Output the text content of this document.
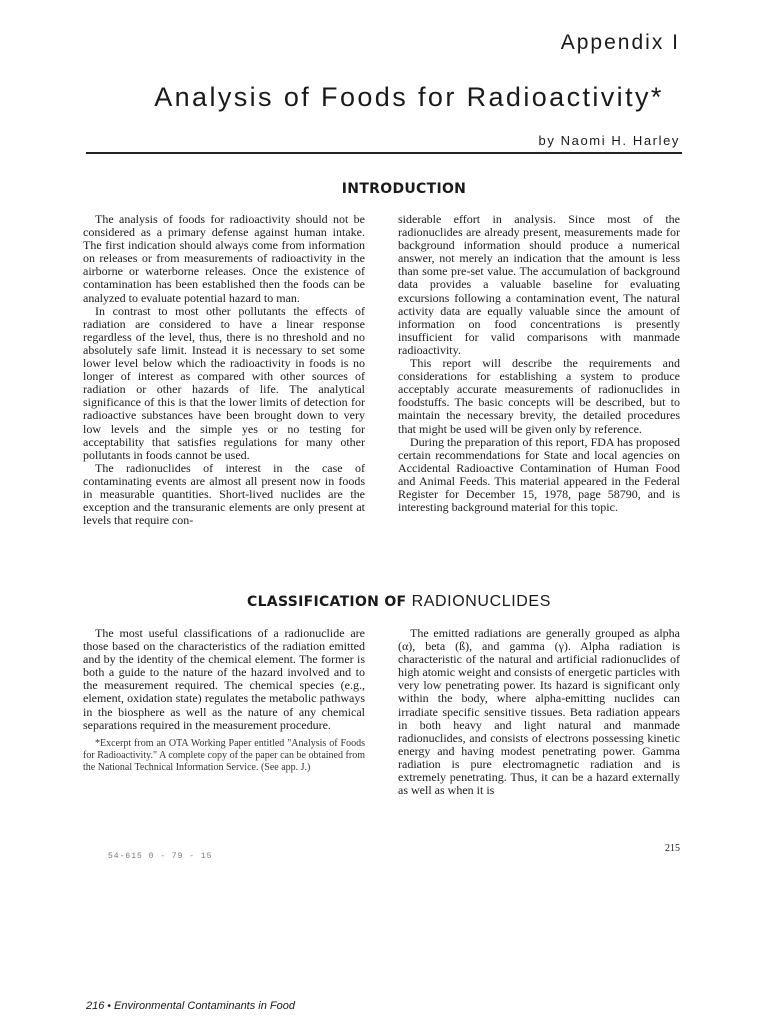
Appendix I
Analysis of Foods for Radioactivity*
by Naomi H. Harley
INTRODUCTION

The analysis of foods for radioactivity should not be considered as a primary defense against human intake. The first indication should always come from information on releases or from measurements of radioactivity in the airborne or waterborne releases. Once the existence of contamination has been established then the foods can be analyzed to evaluate potential hazard to man.

In contrast to most other pollutants the effects of radiation are considered to have a linear response regardless of the level, thus, there is no threshold and no absolutely safe limit. Instead it is necessary to set some lower level below which the radioactivity in foods is no longer of interest as compared with other sources of radiation or other hazards of life. The analytical significance of this is that the lower limits of detection for radioactive substances have been brought down to very low levels and the simple yes or no testing for acceptability that satisfies regulations for many other pollutants in foods cannot be used.

The radionuclides of interest in the case of contaminating events are almost all present now in foods in measurable quantities. Short-lived nuclides are the exception and the transuranic elements are only present at levels that require con-

siderable effort in analysis. Since most of the radionuclides are already present, measurements made for background information should produce a numerical answer, not merely an indication that the amount is less than some pre-set value. The accumulation of background data provides a valuable baseline for evaluating excursions following a contamination event, The natural activity data are equally valuable since the amount of information on food concentrations is presently insufficient for valid comparisons with manmade radioactivity.

This report will describe the requirements and considerations for establishing a system to produce acceptably accurate measurements of radionuclides in foodstuffs. The basic concepts will be described, but to maintain the necessary brevity, the detailed procedures that might be used will be given only by reference.

During the preparation of this report, FDA has proposed certain recommendations for State and local agencies on Accidental Radioactive Contamination of Human Food and Animal Feeds. This material appeared in the Federal Register for December 15, 1978, page 58790, and is interesting background material for this topic.

CLASSIFICATION OF RADIONUCLIDES

The most useful classifications of a radionuclide are those based on the characteristics of the radiation emitted and by the identity of the chemical element. The former is both a guide to the nature of the hazard involved and to the measurement required. The chemical species (e.g., element, oxidation state) regulates the metabolic pathways in the biosphere as well as the nature of any chemical separations required in the measurement procedure.

*Excerpt from an OTA Working Paper entitled "Analysis of Foods for Radioactivity." A complete copy of the paper can be obtained from the National Technical Information Service. (See app. J.)

The emitted radiations are generally grouped as alpha (α), beta (ß), and gamma (γ). Alpha radiation is characteristic of the natural and artificial radionuclides of high atomic weight and consists of energetic particles with very low penetrating power. Its hazard is significant only within the body, where alpha-emitting nuclides can irradiate specific sensitive tissues. Beta radiation appears in both heavy and light natural and manmade radionuclides, and consists of electrons possessing kinetic energy and having modest penetrating power. Gamma radiation is pure electromagnetic radiation and is extremely penetrating. Thus, it can be a hazard externally as well as when it is

215
54-615 0 - 79 - 15
216 • Environmental Contaminants in Food
